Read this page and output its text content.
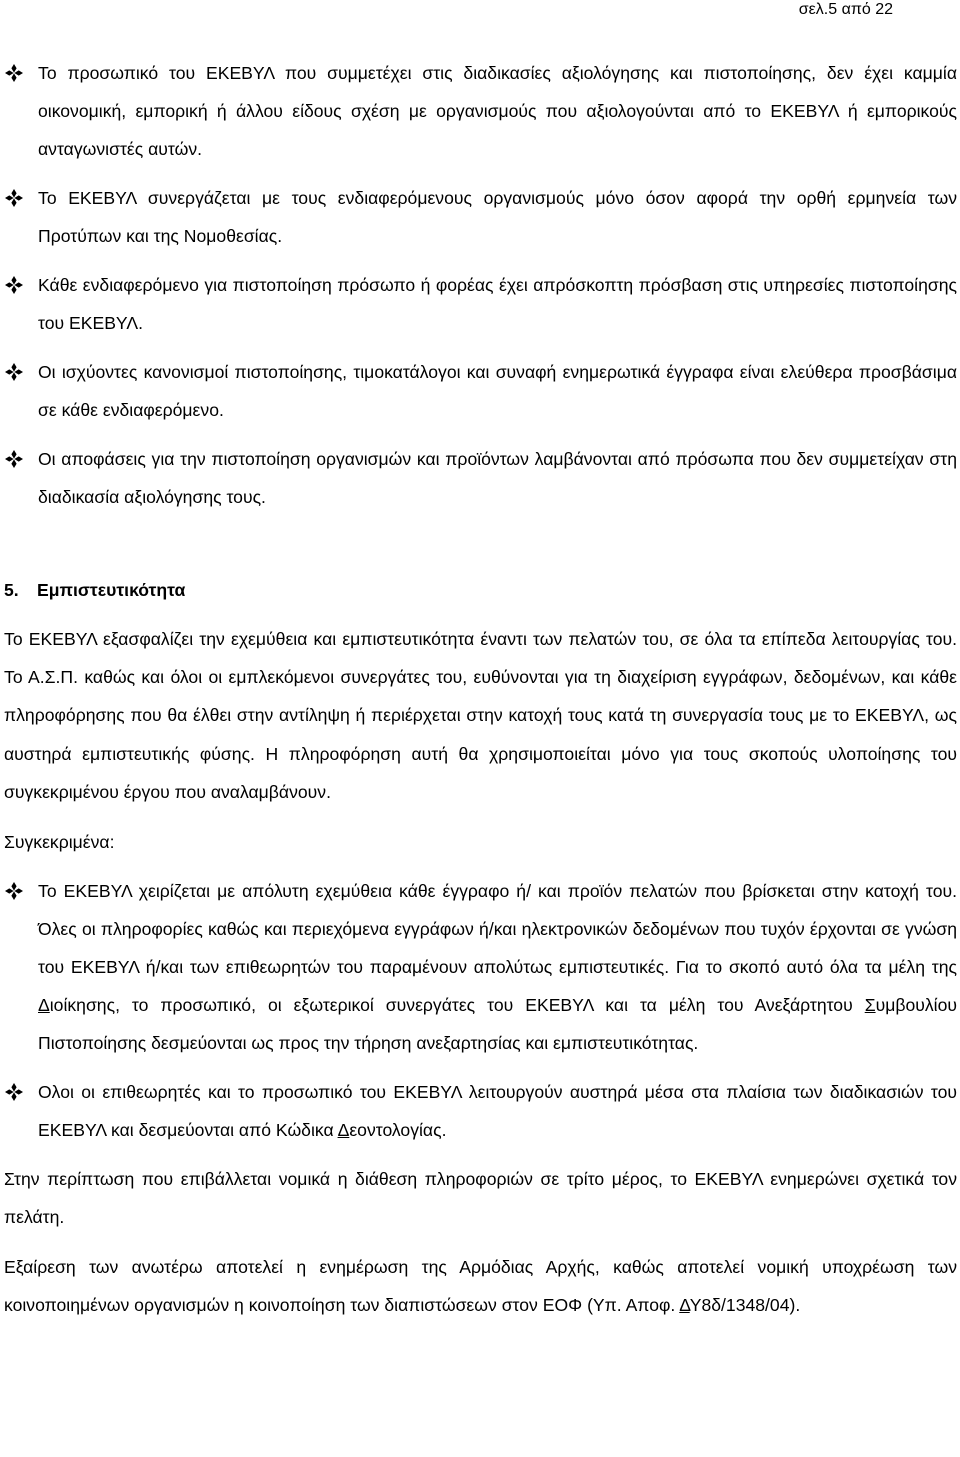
σελ.5 από 22
Το προσωπικό του ΕΚΕΒΥΛ που συμμετέχει στις διαδικασίες αξιολόγησης και πιστοποίησης, δεν έχει καμμία οικονομική, εμπορική ή άλλου είδους σχέση με οργανισμούς που αξιολογούνται από το ΕΚΕΒΥΛ ή εμπορικούς ανταγωνιστές αυτών.
Το ΕΚΕΒΥΛ συνεργάζεται με τους ενδιαφερόμενους οργανισμούς μόνο όσον αφορά την ορθή ερμηνεία των Προτύπων και της Νομοθεσίας.
Κάθε ενδιαφερόμενο για πιστοποίηση πρόσωπο ή φορέας έχει απρόσκοπτη πρόσβαση στις υπηρεσίες πιστοποίησης του ΕΚΕΒΥΛ.
Οι ισχύοντες κανονισμοί πιστοποίησης, τιμοκατάλογοι και συναφή ενημερωτικά έγγραφα είναι ελεύθερα προσβάσιμα σε κάθε ενδιαφερόμενο.
Οι αποφάσεις για την πιστοποίηση οργανισμών και προϊόντων λαμβάνονται από πρόσωπα που δεν συμμετείχαν στη διαδικασία αξιολόγησης τους.
5. Εμπιστευτικότητα
Το ΕΚΕΒΥΛ εξασφαλίζει την εχεμύθεια και εμπιστευτικότητα έναντι των πελατών του, σε όλα τα επίπεδα λειτουργίας του. Το Α.Σ.Π. καθώς και όλοι οι εμπλεκόμενοι συνεργάτες του, ευθύνονται για τη διαχείριση εγγράφων, δεδομένων, και κάθε πληροφόρησης που θα έλθει στην αντίληψη ή περιέρχεται στην κατοχή τους κατά τη συνεργασία τους με το ΕΚΕΒΥΛ, ως αυστηρά εμπιστευτικής φύσης. Η πληροφόρηση αυτή θα χρησιμοποιείται μόνο για τους σκοπούς υλοποίησης του συγκεκριμένου έργου που αναλαμβάνουν.
Συγκεκριμένα:
Το ΕΚΕΒΥΛ χειρίζεται με απόλυτη εχεμύθεια κάθε έγγραφο ή/ και προϊόν πελατών που βρίσκεται στην κατοχή του. Όλες οι πληροφορίες καθώς και περιεχόμενα εγγράφων ή/και ηλεκτρονικών δεδομένων που τυχόν έρχονται σε γνώση του ΕΚΕΒΥΛ ή/και των επιθεωρητών του παραμένουν απολύτως εμπιστευτικές. Για το σκοπό αυτό όλα τα μέλη της Διοίκησης, το προσωπικό, οι εξωτερικοί συνεργάτες του ΕΚΕΒΥΛ και τα μέλη του Ανεξάρτητου Συμβουλίου Πιστοποίησης δεσμεύονται ως προς την τήρηση ανεξαρτησίας και εμπιστευτικότητας.
Ολοι οι επιθεωρητές και το προσωπικό του ΕΚΕΒΥΛ λειτουργούν αυστηρά μέσα στα πλαίσια των διαδικασιών του ΕΚΕΒΥΛ και δεσμεύονται από Κώδικα Δεοντολογίας.
Στην περίπτωση που επιβάλλεται νομικά η διάθεση πληροφοριών σε τρίτο μέρος, το ΕΚΕΒΥΛ ενημερώνει σχετικά τον πελάτη.
Εξαίρεση των ανωτέρω αποτελεί η ενημέρωση της Αρμόδιας Αρχής, καθώς αποτελεί νομική υποχρέωση των κοινοποιημένων οργανισμών η κοινοποίηση των διαπιστώσεων στον ΕΟΦ (Υπ. Αποφ. ΔΥ8δ/1348/04).
